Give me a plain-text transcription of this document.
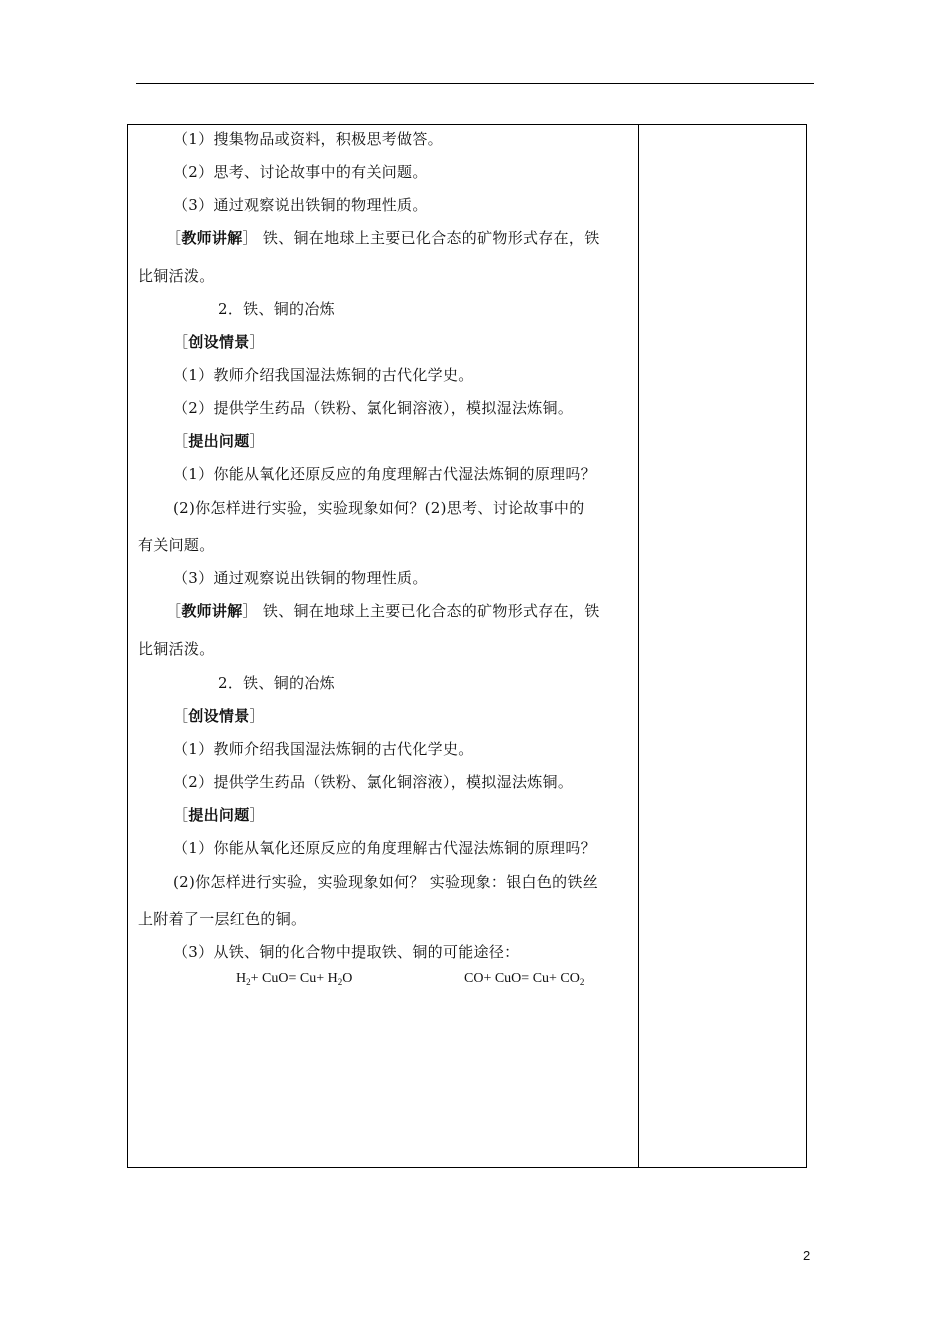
（1）搜集物品或资料，积极思考做答。
（2）思考、讨论故事中的有关问题。
（3）通过观察说出铁铜的物理性质。
［教师讲解］ 铁、铜在地球上主要已化合态的矿物形式存在，铁
比铜活泼。
2．铁、铜的冶炼
［创设情景］
（1）教师介绍我国湿法炼铜的古代化学史。
（2）提供学生药品（铁粉、氯化铜溶液），模拟湿法炼铜。
［提出问题］
（1）你能从氧化还原反应的角度理解古代湿法炼铜的原理吗？
(2)你怎样进行实验，实验现象如何？(2)思考、讨论故事中的
有关问题。
（3）通过观察说出铁铜的物理性质。
［教师讲解］ 铁、铜在地球上主要已化合态的矿物形式存在，铁
比铜活泼。
2．铁、铜的冶炼
［创设情景］
（1）教师介绍我国湿法炼铜的古代化学史。
（2）提供学生药品（铁粉、氯化铜溶液），模拟湿法炼铜。
［提出问题］
（1）你能从氧化还原反应的角度理解古代湿法炼铜的原理吗？
(2)你怎样进行实验，实验现象如何？ 实验现象：银白色的铁丝
上附着了一层红色的铜。
（3）从铁、铜的化合物中提取铁、铜的可能途径：
$H_2+ CuO= Cu+ H_2O$	$CO+ CuO= Cu+ CO_2$
2
